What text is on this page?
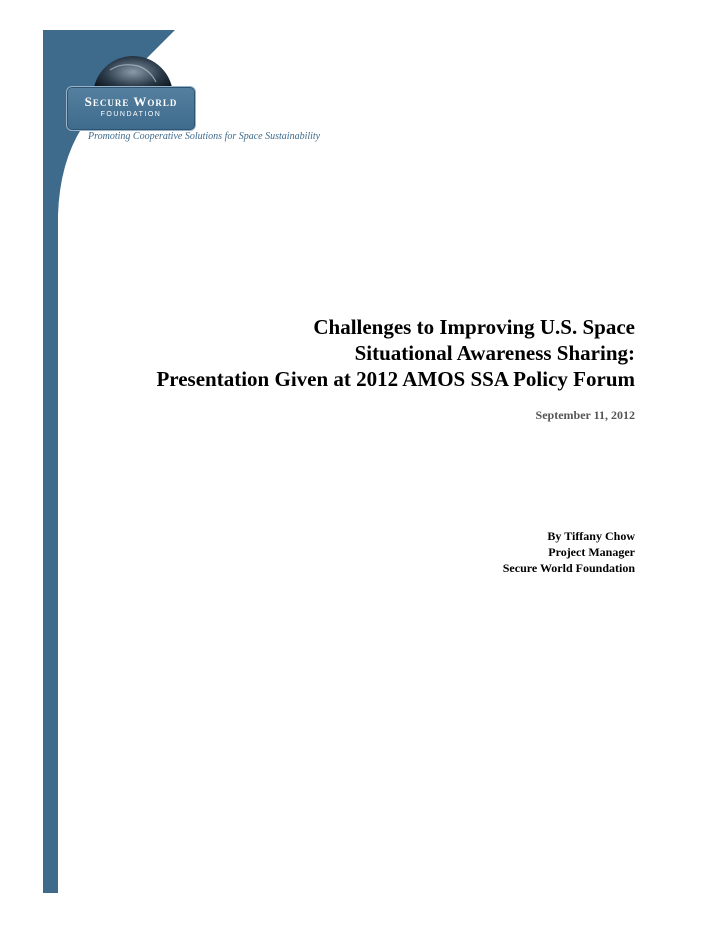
Secure World
FOUNDATION
Promoting Cooperative Solutions for Space Sustainability
Challenges to Improving U.S. Space
Situational Awareness Sharing:
Presentation Given at 2012 AMOS SSA Policy Forum
September 11, 2012
By Tiffany Chow
Project Manager
Secure World Foundation
